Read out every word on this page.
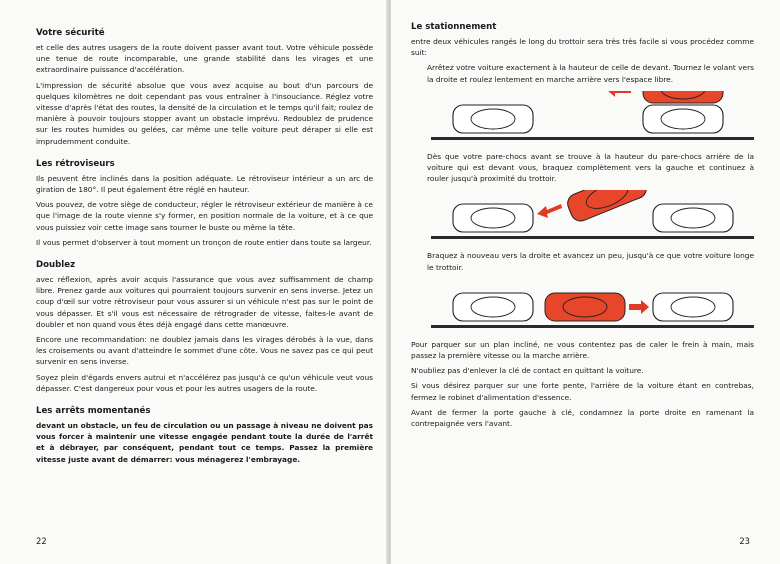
Votre sécurité

et celle des autres usagers de la route doivent passer avant tout. Votre véhicule possède une tenue de route incomparable, une grande stabilité dans les virages et une extraordinaire puissance d'accélération.

L'impression de sécurité absolue que vous avez acquise au bout d'un parcours de quelques kilomètres ne doit cependant pas vous entraîner à l'insouciance. Réglez votre vitesse d'après l'état des routes, la densité de la circulation et le temps qu'il fait; roulez de manière à pouvoir toujours stopper avant un obstacle imprévu. Redoublez de prudence sur les routes humides ou gelées, car même une telle voiture peut déraper si elle est imprudemment conduite.

Les rétroviseurs

Ils peuvent être inclinés dans la position adéquate. Le rétroviseur intérieur a un arc de giration de 180°. Il peut également être réglé en hauteur.

Vous pouvez, de votre siège de conducteur, régler le rétroviseur extérieur de manière à ce que l'image de la route vienne s'y former, en position normale de la voiture, et à ce que vous puissiez voir cette image sans tourner le buste ou même la tête.

Il vous permet d'observer à tout moment un tronçon de route entier dans toute sa largeur.

Doublez

avec réflexion, après avoir acquis l'assurance que vous avez suffisamment de champ libre. Prenez garde aux voitures qui pourraient toujours survenir en sens inverse. Jetez un coup d'œil sur votre rétroviseur pour vous assurer si un véhicule n'est pas sur le point de vous dépasser. Et s'il vous est nécessaire de rétrograder de vitesse, faites-le avant de doubler et non quand vous êtes déjà engagé dans cette manœuvre.

Encore une recommandation: ne doublez jamais dans les virages dérobés à la vue, dans les croisements ou avant d'atteindre le sommet d'une côte. Vous ne savez pas ce qui peut survenir en sens inverse.

Soyez plein d'égards envers autrui et n'accélérez pas jusqu'à ce qu'un véhicule veut vous dépasser. C'est dangereux pour vous et pour les autres usagers de la route.

Les arrêts momentanés

devant un obstacle, un feu de circulation ou un passage à niveau ne doivent pas vous forcer à maintenir une vitesse engagée pendant toute la durée de l'arrêt et à débrayer, par conséquent, pendant tout ce temps. Passez la première vitesse juste avant de démarrer: vous ménagerez l'embrayage.

22
Le stationnement

entre deux véhicules rangés le long du trottoir sera très très facile si vous procédez comme suit:

Arrêtez votre voiture exactement à la hauteur de celle de devant. Tournez le volant vers la droite et roulez lentement en marche arrière vers l'espace libre.

Dès que votre pare-chocs avant se trouve à la hauteur du pare-chocs arrière de la voiture qui est devant vous, braquez complètement vers la gauche et continuez à rouler jusqu'à proximité du trottoir.

Braquez à nouveau vers la droite et avancez un peu, jusqu'à ce que votre voiture longe le trottoir.

Pour parquer sur un plan incliné, ne vous contentez pas de caler le frein à main, mais passez la première vitesse ou la marche arrière.

N'oubliez pas d'enlever la clé de contact en quittant la voiture.

Si vous désirez parquer sur une forte pente, l'arrière de la voiture étant en contrebas, fermez le robinet d'alimentation d'essence.

Avant de fermer la porte gauche à clé, condamnez la porte droite en ramenant la contrepaignée vers l'avant.

23
